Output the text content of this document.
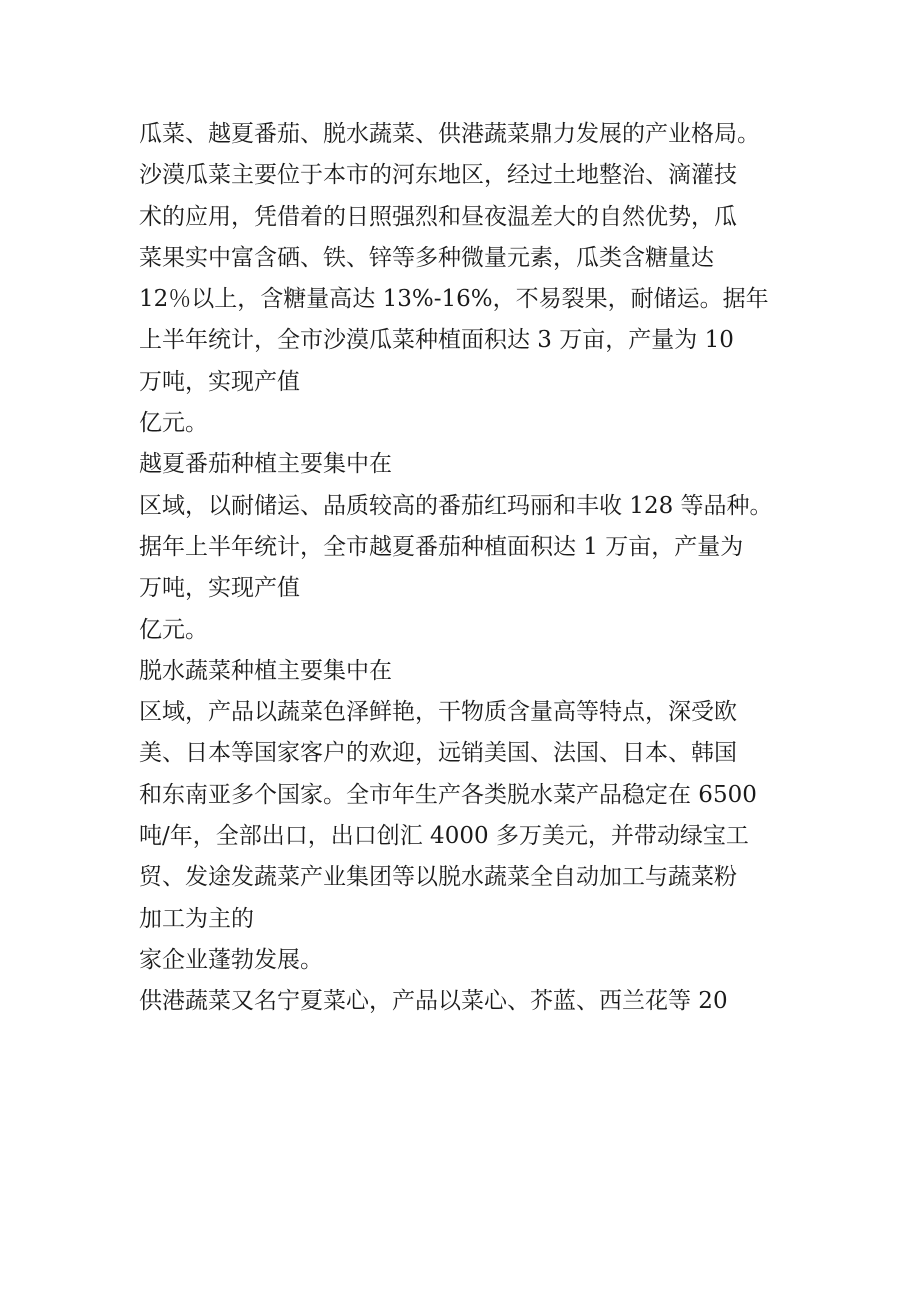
瓜菜、越夏番茄、脱水蔬菜、供港蔬菜鼎力发展的产业格局。
沙漠瓜菜主要位于本市的河东地区，经过土地整治、滴灌技
术的应用，凭借着的日照强烈和昼夜温差大的自然优势，瓜
菜果实中富含硒、铁、锌等多种微量元素，瓜类含糖量达
12％以上，含糖量高达 13%-16%，不易裂果，耐储运。据年
上半年统计，全市沙漠瓜菜种植面积达 3 万亩，产量为 10
万吨，实现产值
亿元。
越夏番茄种植主要集中在
区域，以耐储运、品质较高的番茄红玛丽和丰收 128 等品种。
据年上半年统计，全市越夏番茄种植面积达 1 万亩，产量为
万吨，实现产值
亿元。
脱水蔬菜种植主要集中在
区域，产品以蔬菜色泽鲜艳，干物质含量高等特点，深受欧
美、日本等国家客户的欢迎，远销美国、法国、日本、韩国
和东南亚多个国家。全市年生产各类脱水菜产品稳定在 6500
吨/年，全部出口，出口创汇 4000 多万美元，并带动绿宝工
贸、发途发蔬菜产业集团等以脱水蔬菜全自动加工与蔬菜粉
加工为主的
家企业蓬勃发展。
供港蔬菜又名宁夏菜心，产品以菜心、芥蓝、西兰花等 20
